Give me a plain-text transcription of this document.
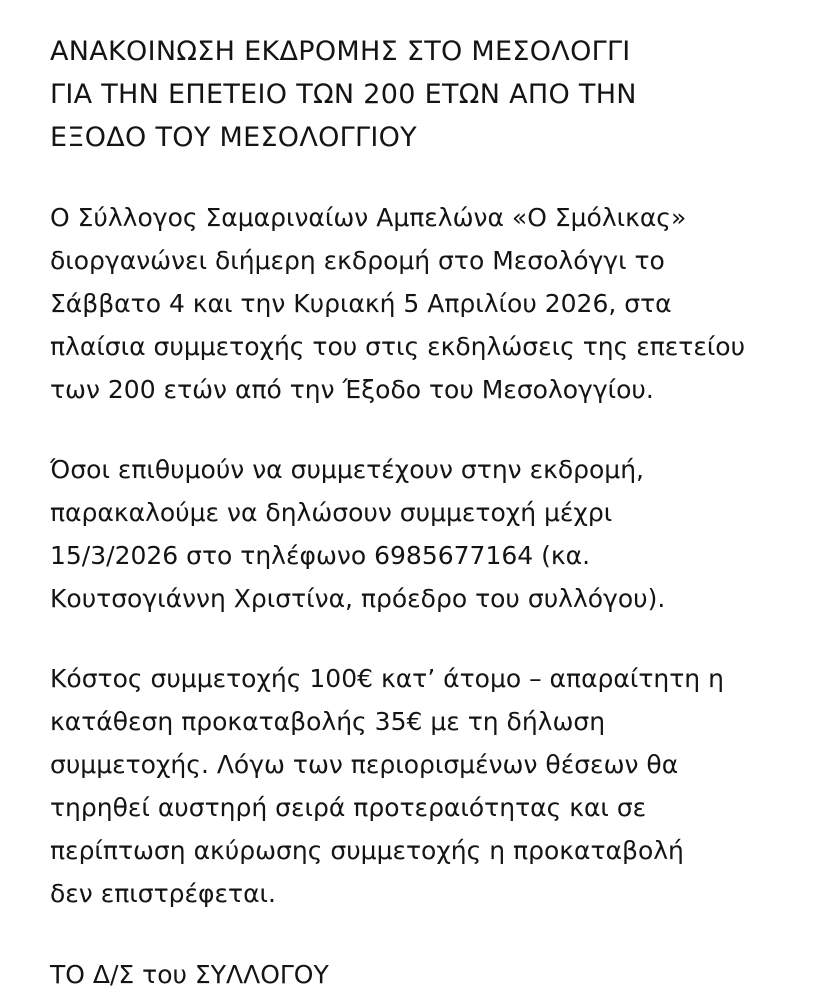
ΑΝΑΚΟΙΝΩΣΗ ΕΚΔΡΟΜΗΣ ΣΤΟ ΜΕΣΟΛΟΓΓΙ
ΓΙΑ ΤΗΝ ΕΠΕΤΕΙΟ ΤΩΝ 200 ΕΤΩΝ ΑΠΟ ΤΗΝ
ΕΞΟΔΟ ΤΟΥ ΜΕΣΟΛΟΓΓΙΟΥ

Ο Σύλλογος Σαμαριναίων Αμπελώνα «Ο Σμόλικας»
διοργανώνει διήμερη εκδρομή στο Μεσολόγγι το
Σάββατο 4 και την Κυριακή 5 Απριλίου 2026, στα
πλαίσια συμμετοχής του στις εκδηλώσεις της επετείου
των 200 ετών από την Έξοδο του Μεσολογγίου.

Όσοι επιθυμούν να συμμετέχουν στην εκδρομή,
παρακαλούμε να δηλώσουν συμμετοχή μέχρι
15/3/2026 στο τηλέφωνο 6985677164 (κα.
Κουτσογιάννη Χριστίνα, πρόεδρο του συλλόγου).

Κόστος συμμετοχής 100€ κατ’ άτομο – απαραίτητη η
κατάθεση προκαταβολής 35€ με τη δήλωση
συμμετοχής. Λόγω των περιορισμένων θέσεων θα
τηρηθεί αυστηρή σειρά προτεραιότητας και σε
περίπτωση ακύρωσης συμμετοχής η προκαταβολή
δεν επιστρέφεται.

ΤΟ Δ/Σ του ΣΥΛΛΟΓΟΥ
